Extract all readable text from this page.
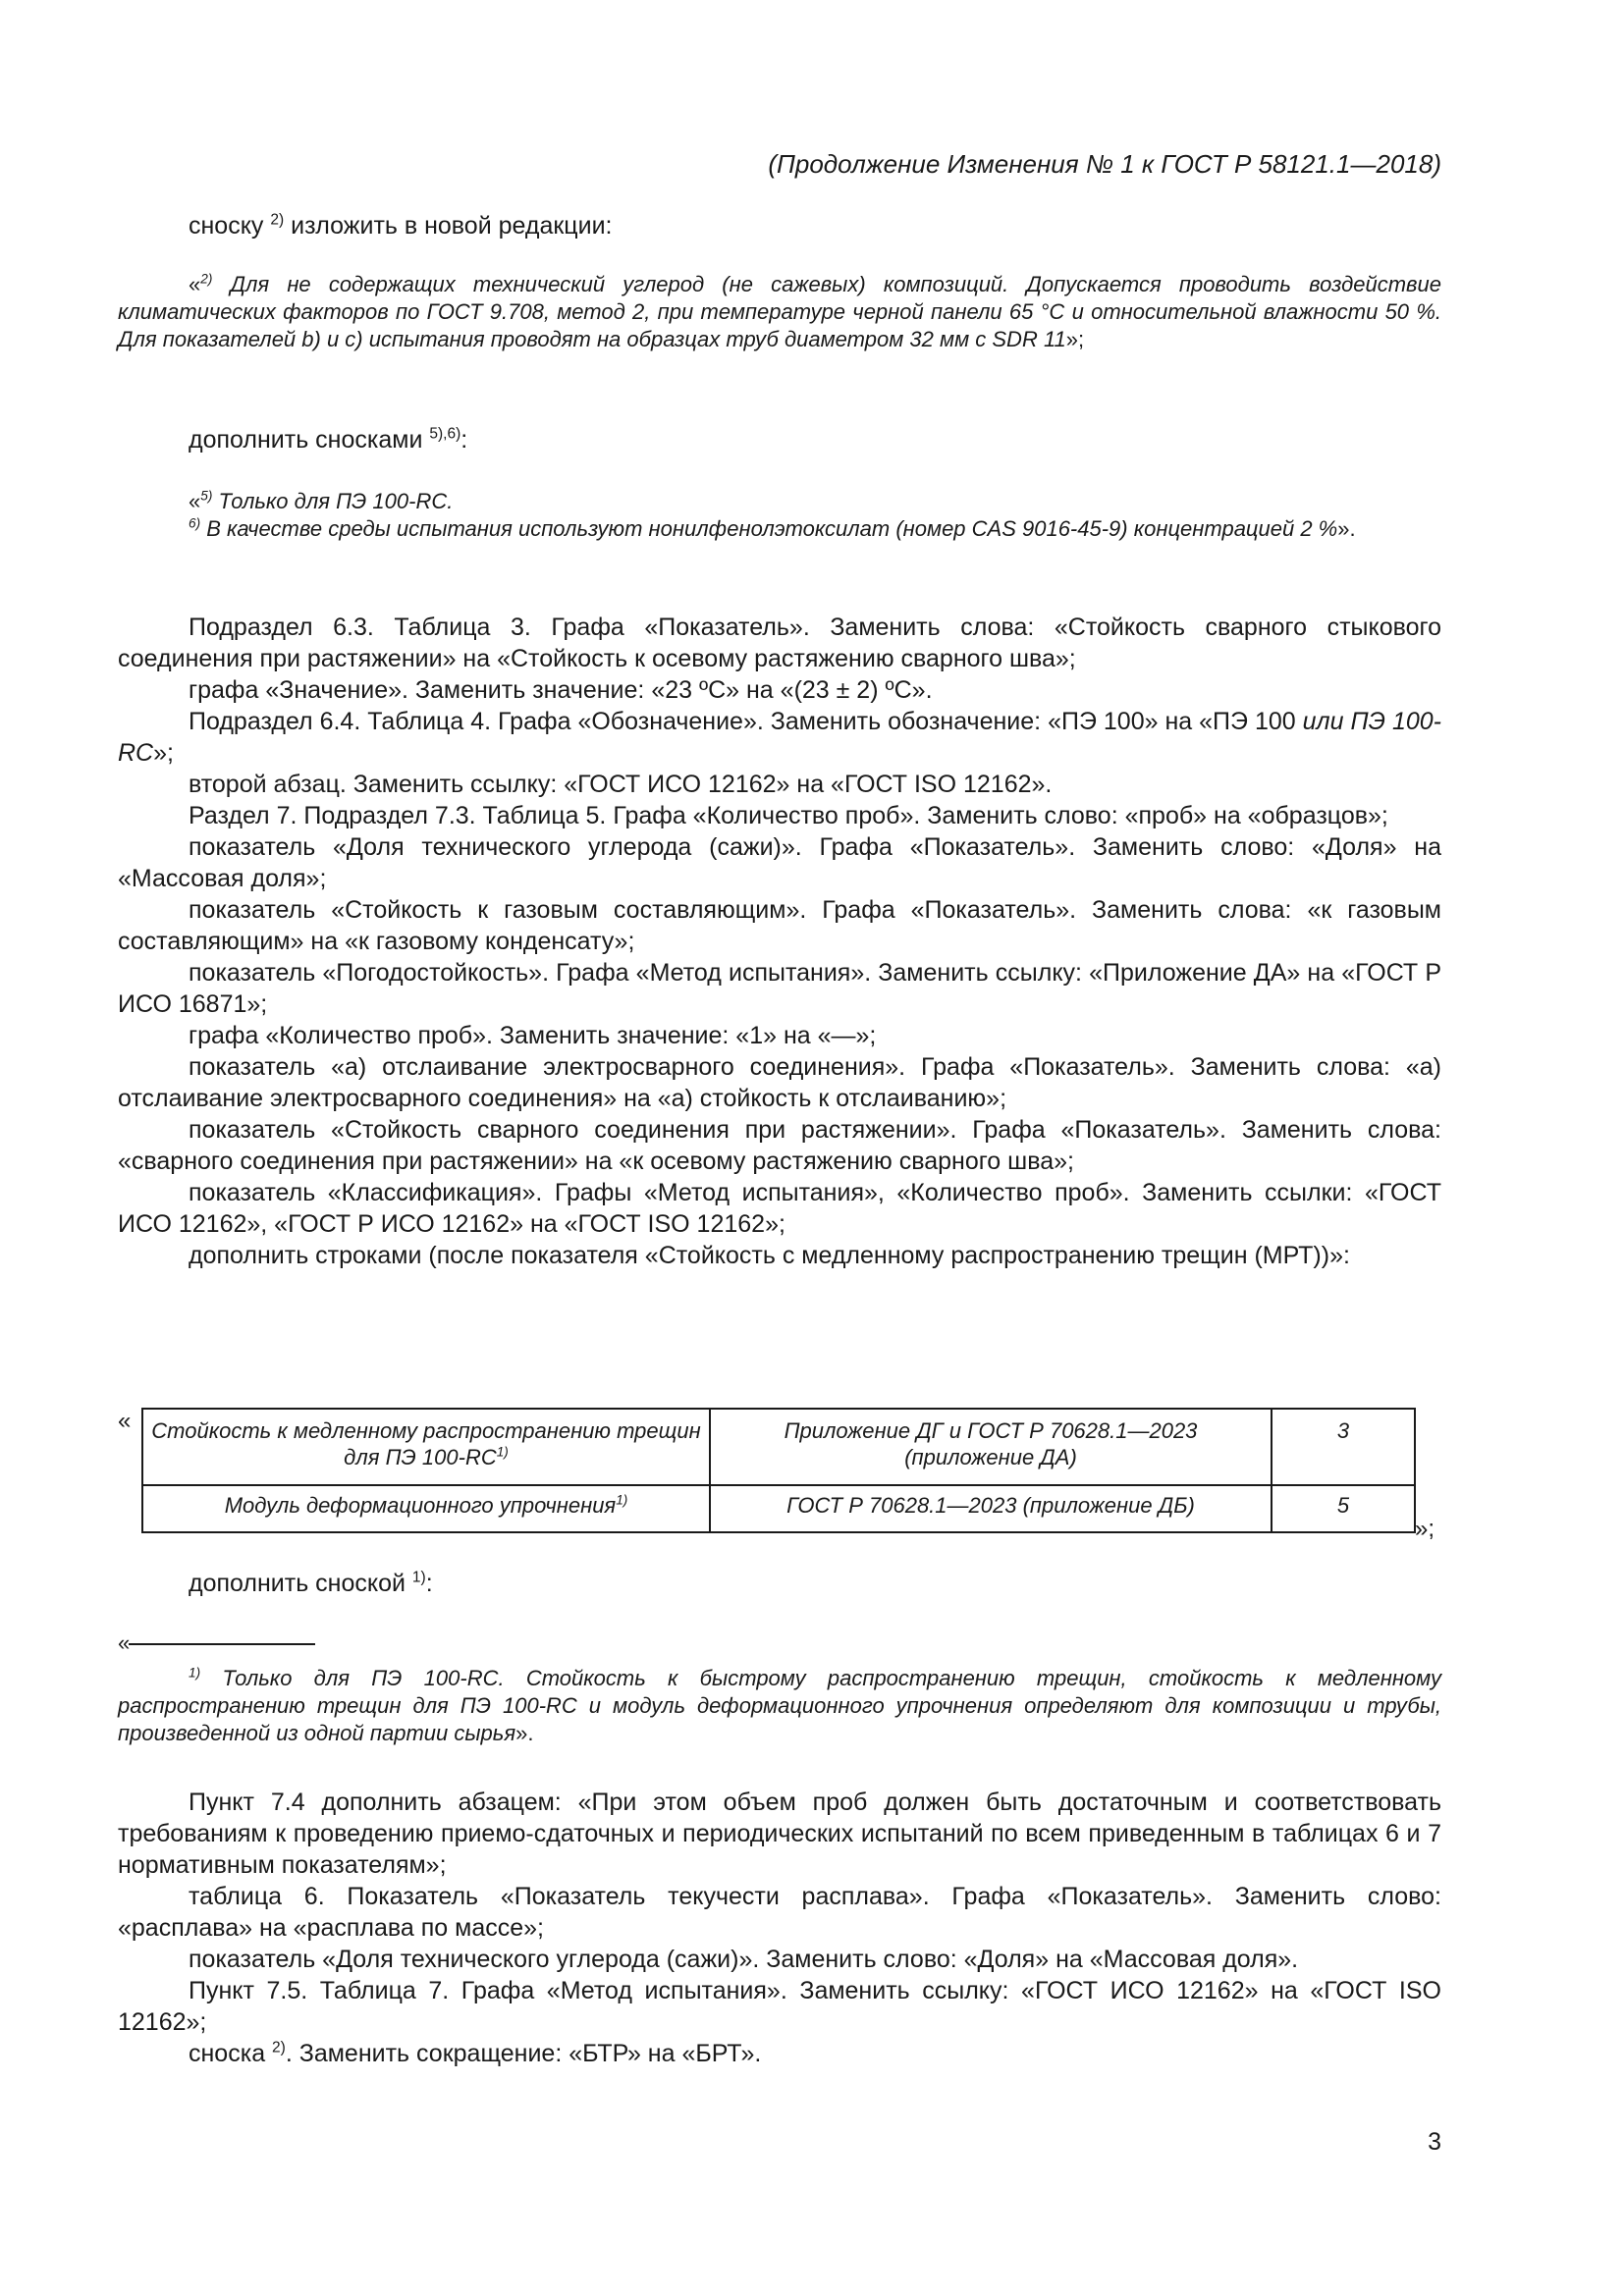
(Продолжение Изменения № 1 к ГОСТ Р 58121.1—2018)

сноску $^{2)}$ изложить в новой редакции:

«$^{2)}$ Для не содержащих технический углерод (не сажевых) композиций. Допускается проводить воздействие климатических факторов по ГОСТ 9.708, метод 2, при температуре черной панели 65 °С и относительной влажности 50 %. Для показателей b) и c) испытания проводят на образцах труб диаметром 32 мм с SDR 11»;

дополнить сносками $^{5),6)}$:

«$^{5)}$ Только для ПЭ 100-RC.

$^{6)}$ В качестве среды испытания используют нонилфенолэтоксилат (номер CAS 9016-45-9) концентрацией 2 %».

Подраздел 6.3. Таблица 3. Графа «Показатель». Заменить слова: «Стойкость сварного стыкового соединения при растяжении» на «Стойкость к осевому растяжению сварного шва»;

графа «Значение». Заменить значение: «23 ºС» на «(23 ± 2) ºС».

Подраздел 6.4. Таблица 4. Графа «Обозначение». Заменить обозначение: «ПЭ 100» на «ПЭ 100 или ПЭ 100-RC»;

второй абзац. Заменить ссылку: «ГОСТ ИСО 12162» на «ГОСТ ISO 12162».

Раздел 7. Подраздел 7.3. Таблица 5. Графа «Количество проб». Заменить слово: «проб» на «образцов»;

показатель «Доля технического углерода (сажи)». Графа «Показатель». Заменить слово: «Доля» на «Массовая доля»;

показатель «Стойкость к газовым составляющим». Графа «Показатель». Заменить слова: «к газовым составляющим» на «к газовому конденсату»;

показатель «Погодостойкость». Графа «Метод испытания». Заменить ссылку: «Приложение ДА» на «ГОСТ Р ИСО 16871»;

графа «Количество проб». Заменить значение: «1» на «—»;

показатель «а) отслаивание электросварного соединения». Графа «Показатель». Заменить слова: «а) отслаивание электросварного соединения» на «а) стойкость к отслаиванию»;

показатель «Стойкость сварного соединения при растяжении». Графа «Показатель». Заменить слова: «сварного соединения при растяжении» на «к осевому растяжению сварного шва»;

показатель «Классификация». Графы «Метод испытания», «Количество проб». Заменить ссылки: «ГОСТ ИСО 12162», «ГОСТ Р ИСО 12162» на «ГОСТ ISO 12162»;

дополнить строками (после показателя «Стойкость с медленному распространению трещин (МРТ))»:

« Стойкость к медленному распространению трещин для ПЭ 100-RC$^{1)}$	Приложение ДГ и ГОСТ Р 70628.1—2023 (приложение ДА)	3
Модуль деформационного упрочнения$^{1)}$	ГОСТ Р 70628.1—2023 (приложение ДБ)	5
»;

дополнить сноской $^{1)}$:

«

$^{1)}$ Только для ПЭ 100-RC. Стойкость к быстрому распространению трещин, стойкость к медленному распространению трещин для ПЭ 100-RC и модуль деформационного упрочнения определяют для композиции и трубы, произведенной из одной партии сырья».

Пункт 7.4 дополнить абзацем: «При этом объем проб должен быть достаточным и соответствовать требованиям к проведению приемо-сдаточных и периодических испытаний по всем приведенным в таблицах 6 и 7 нормативным показателям»;

таблица 6. Показатель «Показатель текучести расплава». Графа «Показатель». Заменить слово: «расплава» на «расплава по массе»;

показатель «Доля технического углерода (сажи)». Заменить слово: «Доля» на «Массовая доля».

Пункт 7.5. Таблица 7. Графа «Метод испытания». Заменить ссылку: «ГОСТ ИСО 12162» на «ГОСТ ISO 12162»;

сноска $^{2)}$. Заменить сокращение: «БТР» на «БРТ».

3
